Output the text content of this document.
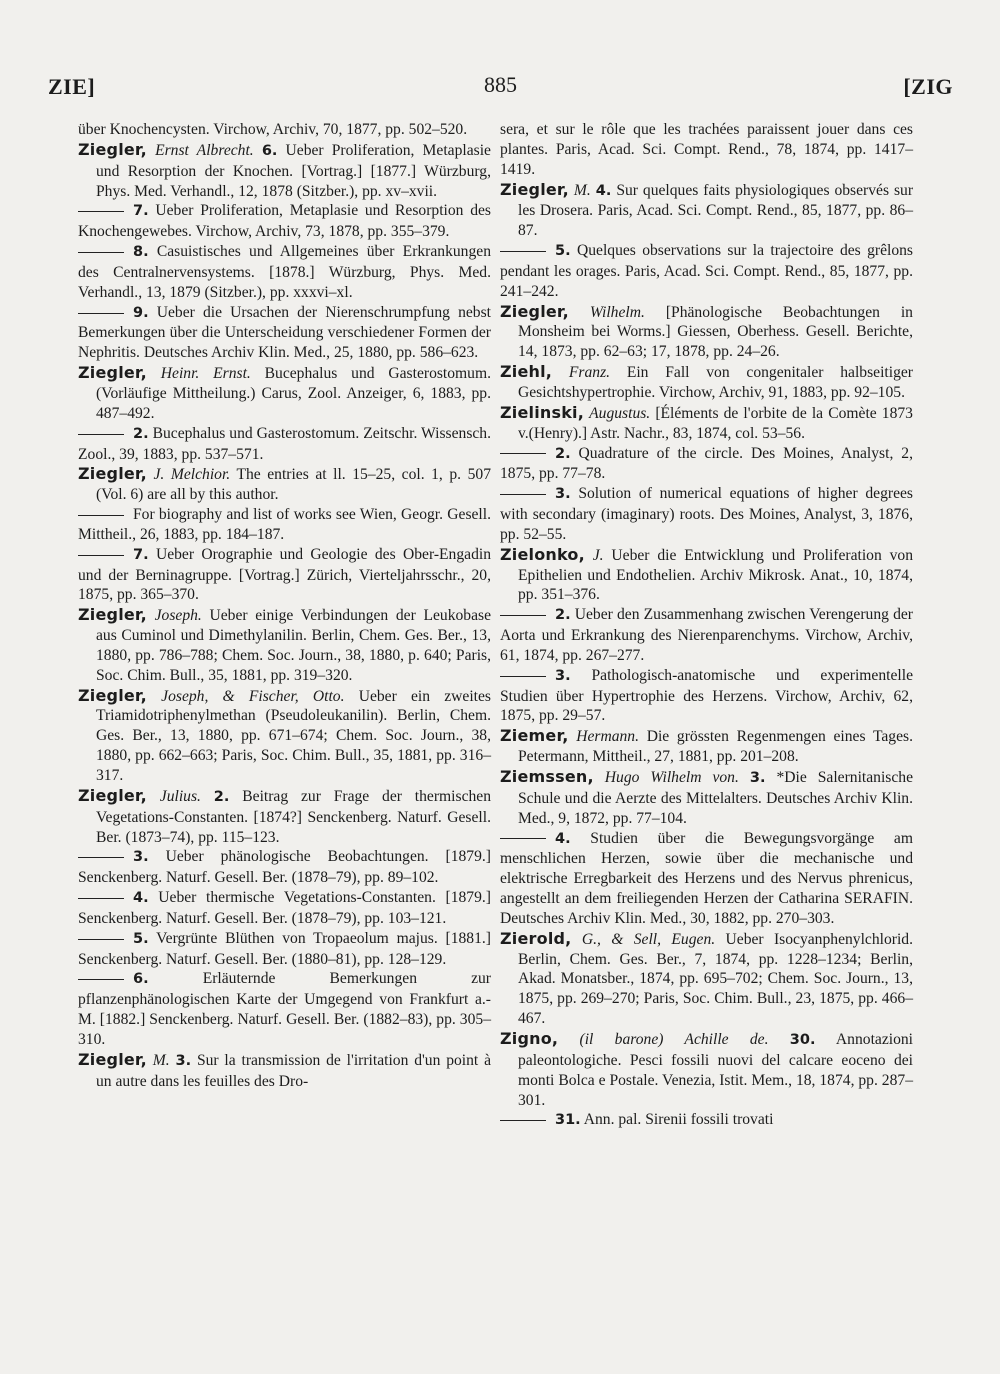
ZIE]	885	[ZIG

über Knochencysten. Virchow, Archiv, 70, 1877, pp. 502–520.

Ziegler, Ernst Albrecht. 6. Ueber Proliferation, Metaplasie und Resorption der Knochen. [Vortrag.] [1877.] Würzburg, Phys. Med. Verhandl., 12, 1878 (Sitzber.), pp. xv–xvii.

7. Ueber Proliferation, Metaplasie und Resorption des Knochengewebes. Virchow, Archiv, 73, 1878, pp. 355–379.

8. Casuistisches und Allgemeines über Erkrankungen des Centralnervensystems. [1878.] Würzburg, Phys. Med. Verhandl., 13, 1879 (Sitzber.), pp. xxxvi–xl.

9. Ueber die Ursachen der Nierenschrumpfung nebst Bemerkungen über die Unterscheidung verschiedener Formen der Nephritis. Deutsches Archiv Klin. Med., 25, 1880, pp. 586–623.

Ziegler, Heinr. Ernst. Bucephalus und Gasterostomum. (Vorläufige Mittheilung.) Carus, Zool. Anzeiger, 6, 1883, pp. 487–492.

2. Bucephalus und Gasterostomum. Zeitschr. Wissensch. Zool., 39, 1883, pp. 537–571.

Ziegler, J. Melchior. The entries at ll. 15–25, col. 1, p. 507 (Vol. 6) are all by this author.

For biography and list of works see Wien, Geogr. Gesell. Mittheil., 26, 1883, pp. 184–187.

7. Ueber Orographie und Geologie des Ober-Engadin und der Berninagruppe. [Vortrag.] Zürich, Vierteljahrsschr., 20, 1875, pp. 365–370.

Ziegler, Joseph. Ueber einige Verbindungen der Leukobase aus Cuminol und Dimethylanilin. Berlin, Chem. Ges. Ber., 13, 1880, pp. 786–788; Chem. Soc. Journ., 38, 1880, p. 640; Paris, Soc. Chim. Bull., 35, 1881, pp. 319–320.

Ziegler, Joseph, & Fischer, Otto. Ueber ein zweites Triamidotriphenylmethan (Pseudoleukanilin). Berlin, Chem. Ges. Ber., 13, 1880, pp. 671–674; Chem. Soc. Journ., 38, 1880, pp. 662–663; Paris, Soc. Chim. Bull., 35, 1881, pp. 316–317.

Ziegler, Julius. 2. Beitrag zur Frage der thermischen Vegetations-Constanten. [1874?] Senckenberg. Naturf. Gesell. Ber. (1873–74), pp. 115–123.

3. Ueber phänologische Beobachtungen. [1879.] Senckenberg. Naturf. Gesell. Ber. (1878–79), pp. 89–102.

4. Ueber thermische Vegetations-Constanten. [1879.] Senckenberg. Naturf. Gesell. Ber. (1878–79), pp. 103–121.

5. Vergrünte Blüthen von Tropaeolum majus. [1881.] Senckenberg. Naturf. Gesell. Ber. (1880–81), pp. 128–129.

6.	Erläuternde Bemerkungen zur pflanzenphänologischen Karte der Umgegend von Frankfurt a.-M. [1882.] Senckenberg. Naturf. Gesell. Ber. (1882–83), pp. 305–310.

Ziegler, M. 3. Sur la transmission de l'irritation d'un point à un autre dans les feuilles des Dro-

sera, et sur le rôle que les trachées paraissent jouer dans ces plantes. Paris, Acad. Sci. Compt. Rend., 78, 1874, pp. 1417–1419.

Ziegler, M. 4. Sur quelques faits physiologiques observés sur les Drosera. Paris, Acad. Sci. Compt. Rend., 85, 1877, pp. 86–87.

5. Quelques observations sur la trajectoire des grêlons pendant les orages. Paris, Acad. Sci. Compt. Rend., 85, 1877, pp. 241–242.

Ziegler, Wilhelm. [Phänologische Beobachtungen in Monsheim bei Worms.] Giessen, Oberhess. Gesell. Berichte, 14, 1873, pp. 62–63; 17, 1878, pp. 24–26.

Ziehl, Franz. Ein Fall von congenitaler halbseitiger Gesichtshypertrophie. Virchow, Archiv, 91, 1883, pp. 92–105.

Zielinski, Augustus. [Éléments de l'orbite de la Comète 1873 v.(Henry).] Astr. Nachr., 83, 1874, col. 53–56.

2. Quadrature of the circle. Des Moines, Analyst, 2, 1875, pp. 77–78.

3. Solution of numerical equations of higher degrees with secondary (imaginary) roots. Des Moines, Analyst, 3, 1876, pp. 52–55.

Zielonko, J. Ueber die Entwicklung und Proliferation von Epithelien und Endothelien. Archiv Mikrosk. Anat., 10, 1874, pp. 351–376.

2. Ueber den Zusammenhang zwischen Verengerung der Aorta und Erkrankung des Nierenparenchyms. Virchow, Archiv, 61, 1874, pp. 267–277.

3. Pathologisch-anatomische und experimentelle Studien über Hypertrophie des Herzens. Virchow, Archiv, 62, 1875, pp. 29–57.

Ziemer, Hermann. Die grössten Regenmengen eines Tages. Petermann, Mittheil., 27, 1881, pp. 201–208.

Ziemssen, Hugo Wilhelm von. 3. *Die Salernitanische Schule und die Aerzte des Mittelalters. Deutsches Archiv Klin. Med., 9, 1872, pp. 77–104.

4. Studien über die Bewegungsvorgänge am menschlichen Herzen, sowie über die mechanische und elektrische Erregbarkeit des Herzens und des Nervus phrenicus, angestellt an dem freiliegenden Herzen der Catharina SERAFIN. Deutsches Archiv Klin. Med., 30, 1882, pp. 270–303.

Zierold, G., & Sell, Eugen. Ueber Isocyanphenylchlorid. Berlin, Chem. Ges. Ber., 7, 1874, pp. 1228–1234; Berlin, Akad. Monatsber., 1874, pp. 695–702; Chem. Soc. Journ., 13, 1875, pp. 269–270; Paris, Soc. Chim. Bull., 23, 1875, pp. 466–467.

Zigno, (il barone) Achille de. 30. Annotazioni paleontologiche. Pesci fossili nuovi del calcare eoceno dei monti Bolca e Postale. Venezia, Istit. Mem., 18, 1874, pp. 287–301.

31. Ann. pal. Sirenii fossili trovati
